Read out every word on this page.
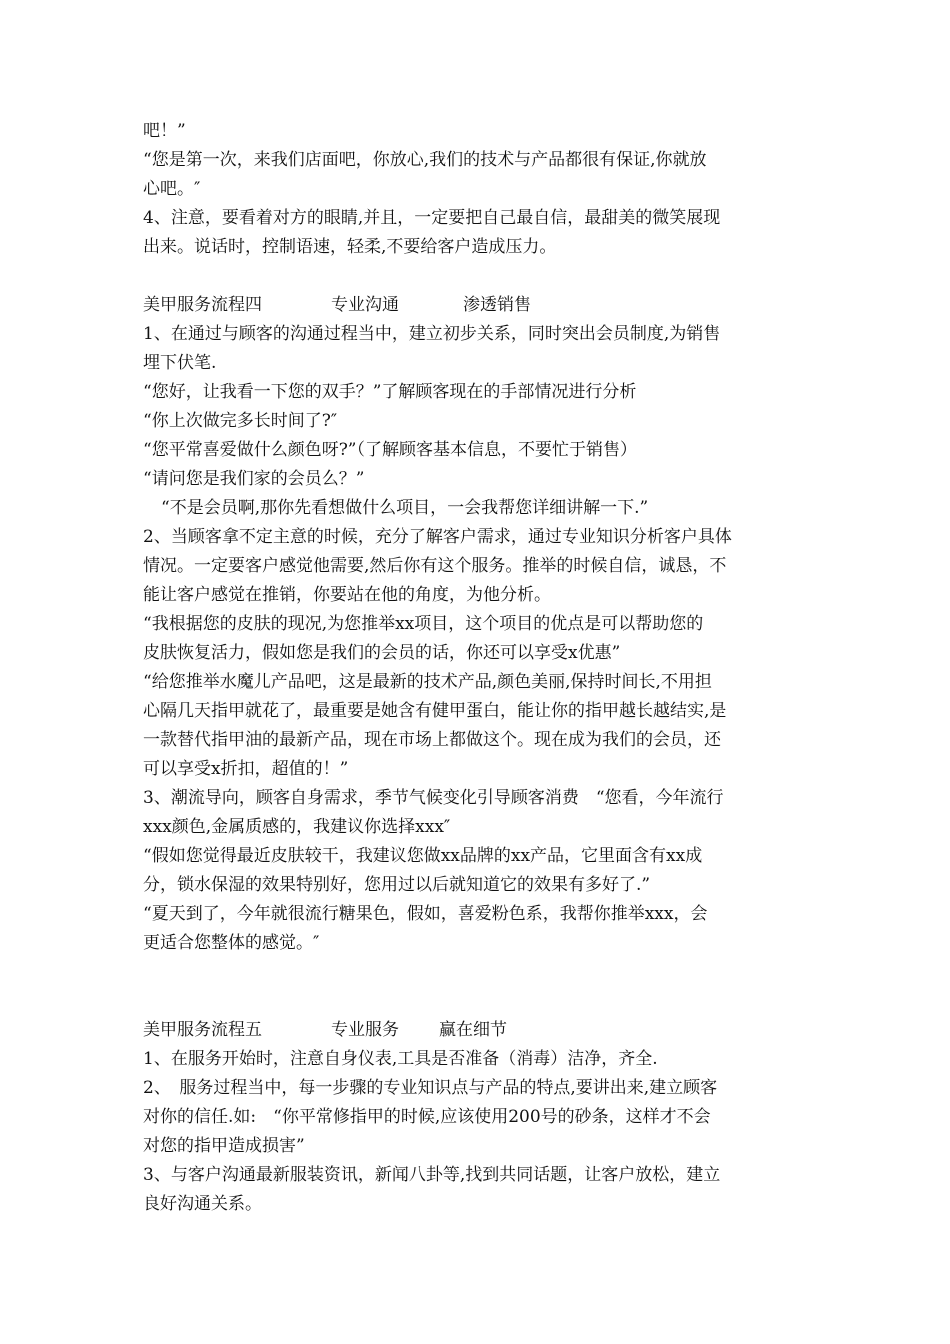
吧！”
“您是第一次，来我们店面吧，你放心,我们的技术与产品都很有保证,你就放
心吧。″
4、注意，要看着对方的眼睛,并且，一定要把自己最自信，最甜美的微笑展现
出来。说话时，控制语速，轻柔,不要给客户造成压力。
美甲服务流程四	专业沟通	渗透销售
1、在通过与顾客的沟通过程当中，建立初步关系，同时突出会员制度,为销售
埋下伏笔.
“您好，让我看一下您的双手？”了解顾客现在的手部情况进行分析
“你上次做完多长时间了?″
“您平常喜爱做什么颜色呀?”（了解顾客基本信息，不要忙于销售）
“请问您是我们家的会员么？”
“不是会员啊,那你先看想做什么项目，一会我帮您详细讲解一下.”
2、当顾客拿不定主意的时候，充分了解客户需求，通过专业知识分析客户具体
情况。一定要客户感觉他需要,然后你有这个服务。推举的时候自信，诚恳，不
能让客户感觉在推销，你要站在他的角度，为他分析。
“我根据您的皮肤的现况,为您推举xx项目，这个项目的优点是可以帮助您的
皮肤恢复活力，假如您是我们的会员的话，你还可以享受x优惠”
“给您推举水魔儿产品吧，这是最新的技术产品,颜色美丽,保持时间长,不用担
心隔几天指甲就花了，最重要是她含有健甲蛋白，能让你的指甲越长越结实,是
一款替代指甲油的最新产品，现在市场上都做这个。现在成为我们的会员，还
可以享受x折扣，超值的！”
3、潮流导向，顾客自身需求，季节气候变化引导顾客消费　“您看，今年流行
xxx颜色,金属质感的，我建议你选择xxx″
“假如您觉得最近皮肤较干，我建议您做xx品牌的xx产品，它里面含有xx成
分，锁水保湿的效果特别好，您用过以后就知道它的效果有多好了.”
“夏天到了，今年就很流行糖果色，假如，喜爱粉色系，我帮你推举xxx，会
更适合您整体的感觉。″
美甲服务流程五	专业服务 赢在细节
1、在服务开始时，注意自身仪表,工具是否准备（消毒）洁净，齐全.
2、　服务过程当中，每一步骤的专业知识点与产品的特点,要讲出来,建立顾客
对你的信任.如:　“你平常修指甲的时候,应该使用200号的砂条，这样才不会
对您的指甲造成损害”
3、与客户沟通最新服装资讯，新闻八卦等,找到共同话题，让客户放松，建立
良好沟通关系。
